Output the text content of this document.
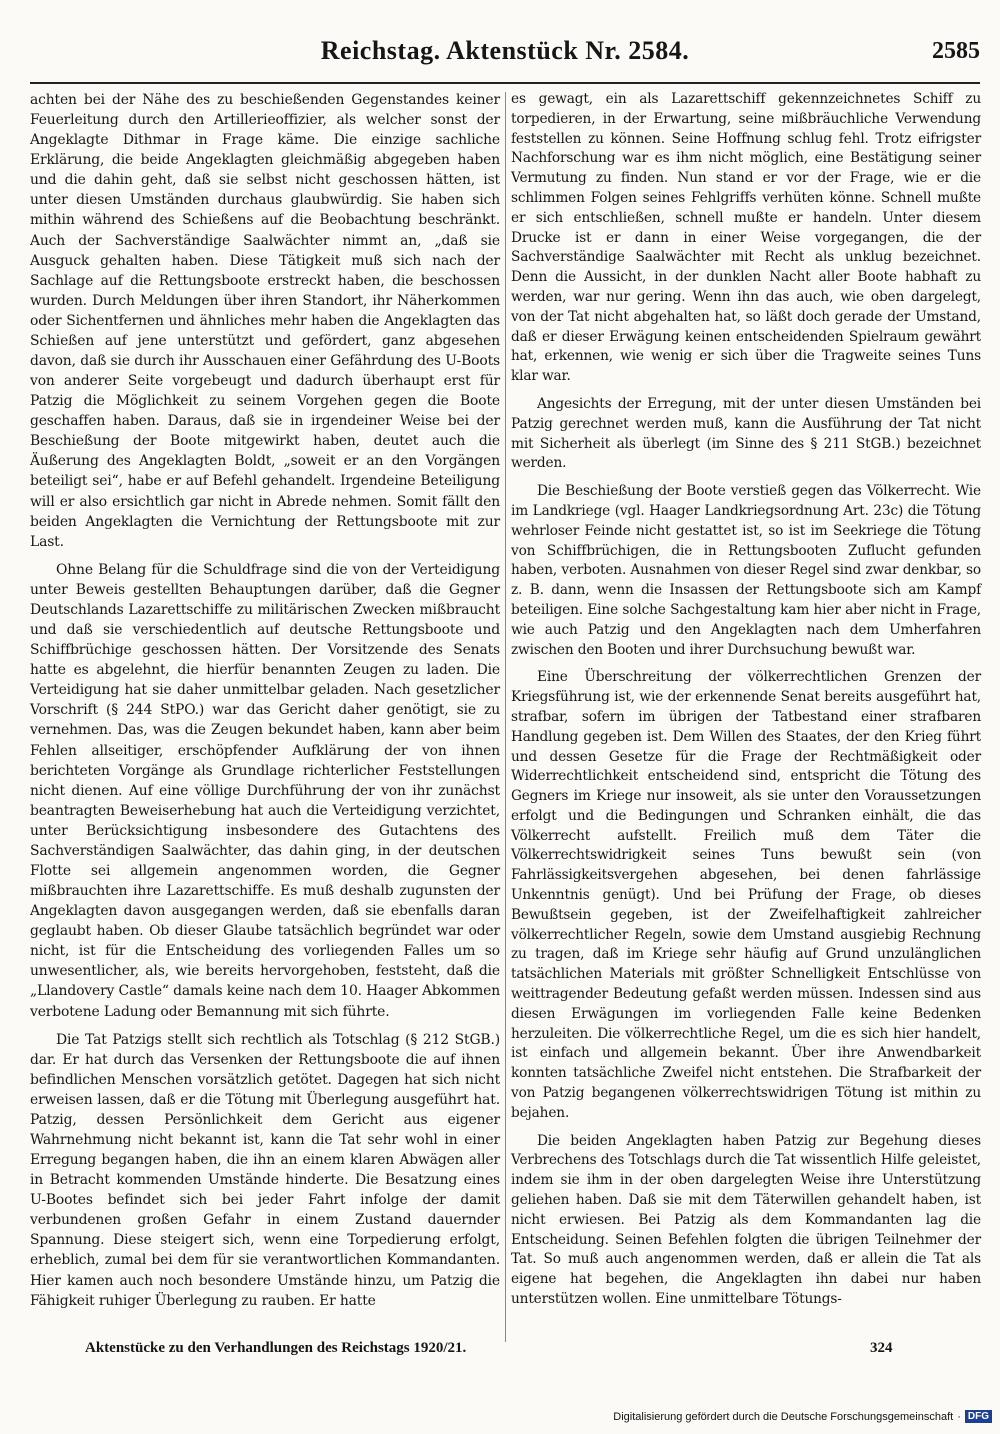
Reichstag. Aktenstück Nr. 2584.	2585

achten bei der Nähe des zu beschießenden Gegenstandes keiner Feuerleitung durch den Artillerieoffizier, als welcher sonst der Angeklagte Dithmar in Frage käme. Die einzige sachliche Erklärung, die beide Angeklagten gleichmäßig abgegeben haben und die dahin geht, daß sie selbst nicht geschossen hätten, ist unter diesen Umständen durchaus glaubwürdig. Sie haben sich mithin während des Schießens auf die Beobachtung beschränkt. Auch der Sachverständige Saalwächter nimmt an, „daß sie Ausguck gehalten haben. Diese Tätigkeit muß sich nach der Sachlage auf die Rettungsboote erstreckt haben, die beschossen wurden. Durch Meldungen über ihren Standort, ihr Näherkommen oder Sichentfernen und ähnliches mehr haben die Angeklagten das Schießen auf jene unterstützt und gefördert, ganz abgesehen davon, daß sie durch ihr Ausschauen einer Gefährdung des U-Boots von anderer Seite vorgebeugt und dadurch überhaupt erst für Patzig die Möglichkeit zu seinem Vorgehen gegen die Boote geschaffen haben. Daraus, daß sie in irgendeiner Weise bei der Beschießung der Boote mitgewirkt haben, deutet auch die Äußerung des Angeklagten Boldt, „soweit er an den Vorgängen beteiligt sei“, habe er auf Befehl gehandelt. Irgendeine Beteiligung will er also ersichtlich gar nicht in Abrede nehmen. Somit fällt den beiden Angeklagten die Vernichtung der Rettungsboote mit zur Last.

Ohne Belang für die Schuldfrage sind die von der Verteidigung unter Beweis gestellten Behauptungen darüber, daß die Gegner Deutschlands Lazarettschiffe zu militärischen Zwecken mißbraucht und daß sie verschiedentlich auf deutsche Rettungsboote und Schiffbrüchige geschossen hätten. Der Vorsitzende des Senats hatte es abgelehnt, die hierfür benannten Zeugen zu laden. Die Verteidigung hat sie daher unmittelbar geladen. Nach gesetzlicher Vorschrift (§ 244 StPO.) war das Gericht daher genötigt, sie zu vernehmen. Das, was die Zeugen bekundet haben, kann aber beim Fehlen allseitiger, erschöpfender Aufklärung der von ihnen berichteten Vorgänge als Grundlage richterlicher Feststellungen nicht dienen. Auf eine völlige Durchführung der von ihr zunächst beantragten Beweiserhebung hat auch die Verteidigung verzichtet, unter Berücksichtigung insbesondere des Gutachtens des Sachverständigen Saalwächter, das dahin ging, in der deutschen Flotte sei allgemein angenommen worden, die Gegner mißbrauchten ihre Lazarettschiffe. Es muß deshalb zugunsten der Angeklagten davon ausgegangen werden, daß sie ebenfalls daran geglaubt haben. Ob dieser Glaube tatsächlich begründet war oder nicht, ist für die Entscheidung des vorliegenden Falles um so unwesentlicher, als, wie bereits hervorgehoben, feststeht, daß die „Llandovery Castle“ damals keine nach dem 10. Haager Abkommen verbotene Ladung oder Bemannung mit sich führte.

Die Tat Patzigs stellt sich rechtlich als Totschlag (§ 212 StGB.) dar. Er hat durch das Versenken der Rettungsboote die auf ihnen befindlichen Menschen vorsätzlich getötet. Dagegen hat sich nicht erweisen lassen, daß er die Tötung mit Überlegung ausgeführt hat. Patzig, dessen Persönlichkeit dem Gericht aus eigener Wahrnehmung nicht bekannt ist, kann die Tat sehr wohl in einer Erregung begangen haben, die ihn an einem klaren Abwägen aller in Betracht kommenden Umstände hinderte. Die Besatzung eines U-Bootes befindet sich bei jeder Fahrt infolge der damit verbundenen großen Gefahr in einem Zustand dauernder Spannung. Diese steigert sich, wenn eine Torpedierung erfolgt, erheblich, zumal bei dem für sie verantwortlichen Kommandanten. Hier kamen auch noch besondere Umstände hinzu, um Patzig die Fähigkeit ruhiger Überlegung zu rauben. Er hatte

es gewagt, ein als Lazarettschiff gekennzeichnetes Schiff zu torpedieren, in der Erwartung, seine mißbräuchliche Verwendung feststellen zu können. Seine Hoffnung schlug fehl. Trotz eifrigster Nachforschung war es ihm nicht möglich, eine Bestätigung seiner Vermutung zu finden. Nun stand er vor der Frage, wie er die schlimmen Folgen seines Fehlgriffs verhüten könne. Schnell mußte er sich entschließen, schnell mußte er handeln. Unter diesem Drucke ist er dann in einer Weise vorgegangen, die der Sachverständige Saalwächter mit Recht als unklug bezeichnet. Denn die Aussicht, in der dunklen Nacht aller Boote habhaft zu werden, war nur gering. Wenn ihn das auch, wie oben dargelegt, von der Tat nicht abgehalten hat, so läßt doch gerade der Umstand, daß er dieser Erwägung keinen entscheidenden Spielraum gewährt hat, erkennen, wie wenig er sich über die Tragweite seines Tuns klar war.

Angesichts der Erregung, mit der unter diesen Umständen bei Patzig gerechnet werden muß, kann die Ausführung der Tat nicht mit Sicherheit als überlegt (im Sinne des § 211 StGB.) bezeichnet werden.

Die Beschießung der Boote verstieß gegen das Völkerrecht. Wie im Landkriege (vgl. Haager Landkriegsordnung Art. 23c) die Tötung wehrloser Feinde nicht gestattet ist, so ist im Seekriege die Tötung von Schiffbrüchigen, die in Rettungsbooten Zuflucht gefunden haben, verboten. Ausnahmen von dieser Regel sind zwar denkbar, so z. B. dann, wenn die Insassen der Rettungsboote sich am Kampf beteiligen. Eine solche Sachgestaltung kam hier aber nicht in Frage, wie auch Patzig und den Angeklagten nach dem Umherfahren zwischen den Booten und ihrer Durchsuchung bewußt war.

Eine Überschreitung der völkerrechtlichen Grenzen der Kriegsführung ist, wie der erkennende Senat bereits ausgeführt hat, strafbar, sofern im übrigen der Tatbestand einer strafbaren Handlung gegeben ist. Dem Willen des Staates, der den Krieg führt und dessen Gesetze für die Frage der Rechtmäßigkeit oder Widerrechtlichkeit entscheidend sind, entspricht die Tötung des Gegners im Kriege nur insoweit, als sie unter den Voraussetzungen erfolgt und die Bedingungen und Schranken einhält, die das Völkerrecht aufstellt. Freilich muß dem Täter die Völkerrechtswidrigkeit seines Tuns bewußt sein (von Fahrlässigkeitsvergehen abgesehen, bei denen fahrlässige Unkenntnis genügt). Und bei Prüfung der Frage, ob dieses Bewußtsein gegeben, ist der Zweifelhaftigkeit zahlreicher völkerrechtlicher Regeln, sowie dem Umstand ausgiebig Rechnung zu tragen, daß im Kriege sehr häufig auf Grund unzulänglichen tatsächlichen Materials mit größter Schnelligkeit Entschlüsse von weittragender Bedeutung gefaßt werden müssen. Indessen sind aus diesen Erwägungen im vorliegenden Falle keine Bedenken herzuleiten. Die völkerrechtliche Regel, um die es sich hier handelt, ist einfach und allgemein bekannt. Über ihre Anwendbarkeit konnten tatsächliche Zweifel nicht entstehen. Die Strafbarkeit der von Patzig begangenen völkerrechtswidrigen Tötung ist mithin zu bejahen.

Die beiden Angeklagten haben Patzig zur Begehung dieses Verbrechens des Totschlags durch die Tat wissentlich Hilfe geleistet, indem sie ihm in der oben dargelegten Weise ihre Unterstützung geliehen haben. Daß sie mit dem Täterwillen gehandelt haben, ist nicht erwiesen. Bei Patzig als dem Kommandanten lag die Entscheidung. Seinen Befehlen folgten die übrigen Teilnehmer der Tat. So muß auch angenommen werden, daß er allein die Tat als eigene hat begehen, die Angeklagten ihn dabei nur haben unterstützen wollen. Eine unmittelbare Tötungs-

Aktenstücke zu den Verhandlungen des Reichstags 1920/21.	324
Digitalisierung gefördert durch die Deutsche Forschungsgemeinschaft · DFG
